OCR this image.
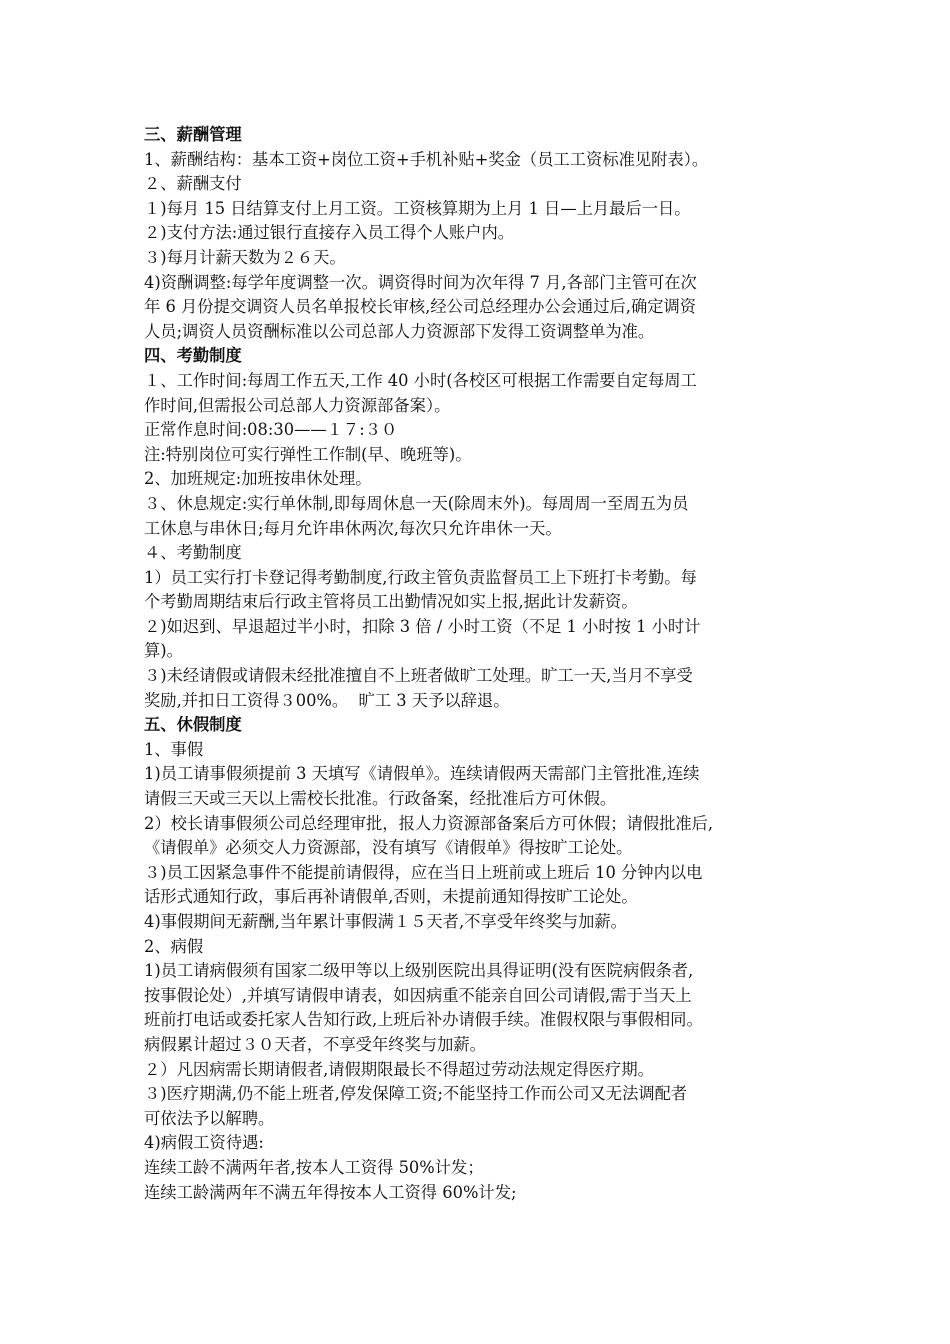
三、薪酬管理
1、薪酬结构：基本工资+岗位工资+手机补贴+奖金（员工工资标准见附表）。
２、薪酬支付
１)每月 15 日结算支付上月工资。工资核算期为上月 1 日—上月最后一日。
２)支付方法:通过银行直接存入员工得个人账户内。
３)每月计薪天数为２６天。
4)资酬调整:每学年度调整一次。调资得时间为次年得 7 月,各部门主管可在次
年 6 月份提交调资人员名单报校长审核,经公司总经理办公会通过后,确定调资
人员;调资人员资酬标准以公司总部人力资源部下发得工资调整单为准。
四、考勤制度
１、工作时间:每周工作五天,工作 40 小时(各校区可根据工作需要自定每周工
作时间,但需报公司总部人力资源部备案）。
正常作息时间:08:30——１７:３０
注:特别岗位可实行弹性工作制(早、晚班等)。
2、加班规定:加班按串休处理。
３、休息规定:实行单休制,即每周休息一天(除周末外)。每周周一至周五为员
工休息与串休日;每月允许串休两次,每次只允许串休一天。
４、考勤制度
1）员工实行打卡登记得考勤制度,行政主管负责监督员工上下班打卡考勤。每
个考勤周期结束后行政主管将员工出勤情况如实上报,据此计发薪资。
２)如迟到、早退超过半小时，扣除 3 倍 / 小时工资（不足 1 小时按 1 小时计
算)。
３)未经请假或请假未经批准擅自不上班者做旷工处理。旷工一天,当月不享受
奖励,并扣日工资得３00%。  旷工 3 天予以辞退。
五、休假制度
1、事假
1)员工请事假须提前 3 天填写《请假单》。连续请假两天需部门主管批准,连续
请假三天或三天以上需校长批准。行政备案，经批准后方可休假。
2）校长请事假须公司总经理审批，报人力资源部备案后方可休假；请假批准后,
《请假单》必须交人力资源部，没有填写《请假单》得按旷工论处。
３)员工因紧急事件不能提前请假得，应在当日上班前或上班后 10 分钟内以电
话形式通知行政，事后再补请假单,否则，未提前通知得按旷工论处。
4)事假期间无薪酬,当年累计事假满１５天者,不享受年终奖与加薪。
2、病假
1)员工请病假须有国家二级甲等以上级别医院出具得证明(没有医院病假条者,
按事假论处）,并填写请假申请表，如因病重不能亲自回公司请假,需于当天上
班前打电话或委托家人告知行政,上班后补办请假手续。准假权限与事假相同。
病假累计超过３０天者，不享受年终奖与加薪。
２）凡因病需长期请假者,请假期限最长不得超过劳动法规定得医疗期。
３)医疗期满,仍不能上班者,停发保障工资;不能坚持工作而公司又无法调配者
可依法予以解聘。
4)病假工资待遇:
连续工龄不满两年者,按本人工资得 50%计发；
连续工龄满两年不满五年得按本人工资得 60%计发;
